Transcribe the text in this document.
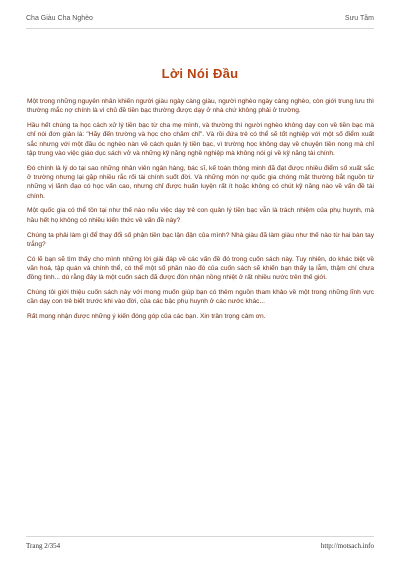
Cha Giàu Cha Nghèo	Sưu Tầm
Lời Nói Đầu

Một trong những nguyên nhân khiến người giàu ngày càng giàu, người nghèo ngày càng nghèo, còn giới trung lưu thì thường mắc nợ chính là vì chủ đề tiền bạc thường được dạy ở nhà chứ không phải ở trường.

Hầu hết chúng ta học cách xử lý tiền bạc từ cha mẹ mình, và thường thì người nghèo không dạy con về tiền bạc mà chỉ nói đơn giản là: "Hãy đến trường và học cho chăm chỉ". Và rồi đứa trẻ có thể sẽ tốt nghiệp với một số điểm xuất sắc nhưng với một đầu óc nghèo nàn về cách quản lý tiền bạc, vì trường học không dạy về chuyện tiền nong mà chỉ tập trung vào việc giáo dục sách vở và những kỹ năng nghề nghiệp mà không nói gì về kỹ năng tài chính.

Đó chính là lý do tại sao những nhân viên ngân hàng, bác sĩ, kế toán thông minh đã đạt được nhiều điểm số xuất sắc ở trường nhưng lại gặp nhiều rắc rối tài chính suốt đời. Và những món nợ quốc gia chóng mặt thường bắt nguồn từ những vị lãnh đạo có học vấn cao, nhưng chỉ được huấn luyện rất ít hoặc không có chút kỹ năng nào về vấn đề tài chính.

Một quốc gia có thể tồn tại như thế nào nếu việc dạy trẻ con quản lý tiền bạc vẫn là trách nhiệm của phụ huynh, mà hầu hết họ không có nhiều kiến thức về vấn đề này?

Chúng ta phải làm gì để thay đổi số phận tiền bạc lận đận của mình? Nhà giàu đã làm giàu như thế nào từ hai bàn tay trắng?

Có lẽ bạn sẽ tìm thấy cho mình những lời giải đáp về các vấn đề đó trong cuốn sách này. Tuy nhiên, do khác biệt về văn hoá, tập quán và chính thể, có thể một số phần nào đó của cuốn sách sẽ khiến bạn thấy lạ lẫm, thậm chí chưa đồng tình... dù rằng đây là một cuốn sách đã được đón nhận nồng nhiệt ở rất nhiều nước trên thế giới.

Chúng tôi giới thiệu cuốn sách này với mong muốn giúp bạn có thêm nguồn tham khảo về một trong những lĩnh vực cần dạy con trẻ biết trước khi vào đời, của các bậc phụ huynh ở các nước khác...

Rất mong nhận được những ý kiến đóng góp của các bạn. Xin trân trọng cảm ơn.

Trang 2/354	http://motsach.info
